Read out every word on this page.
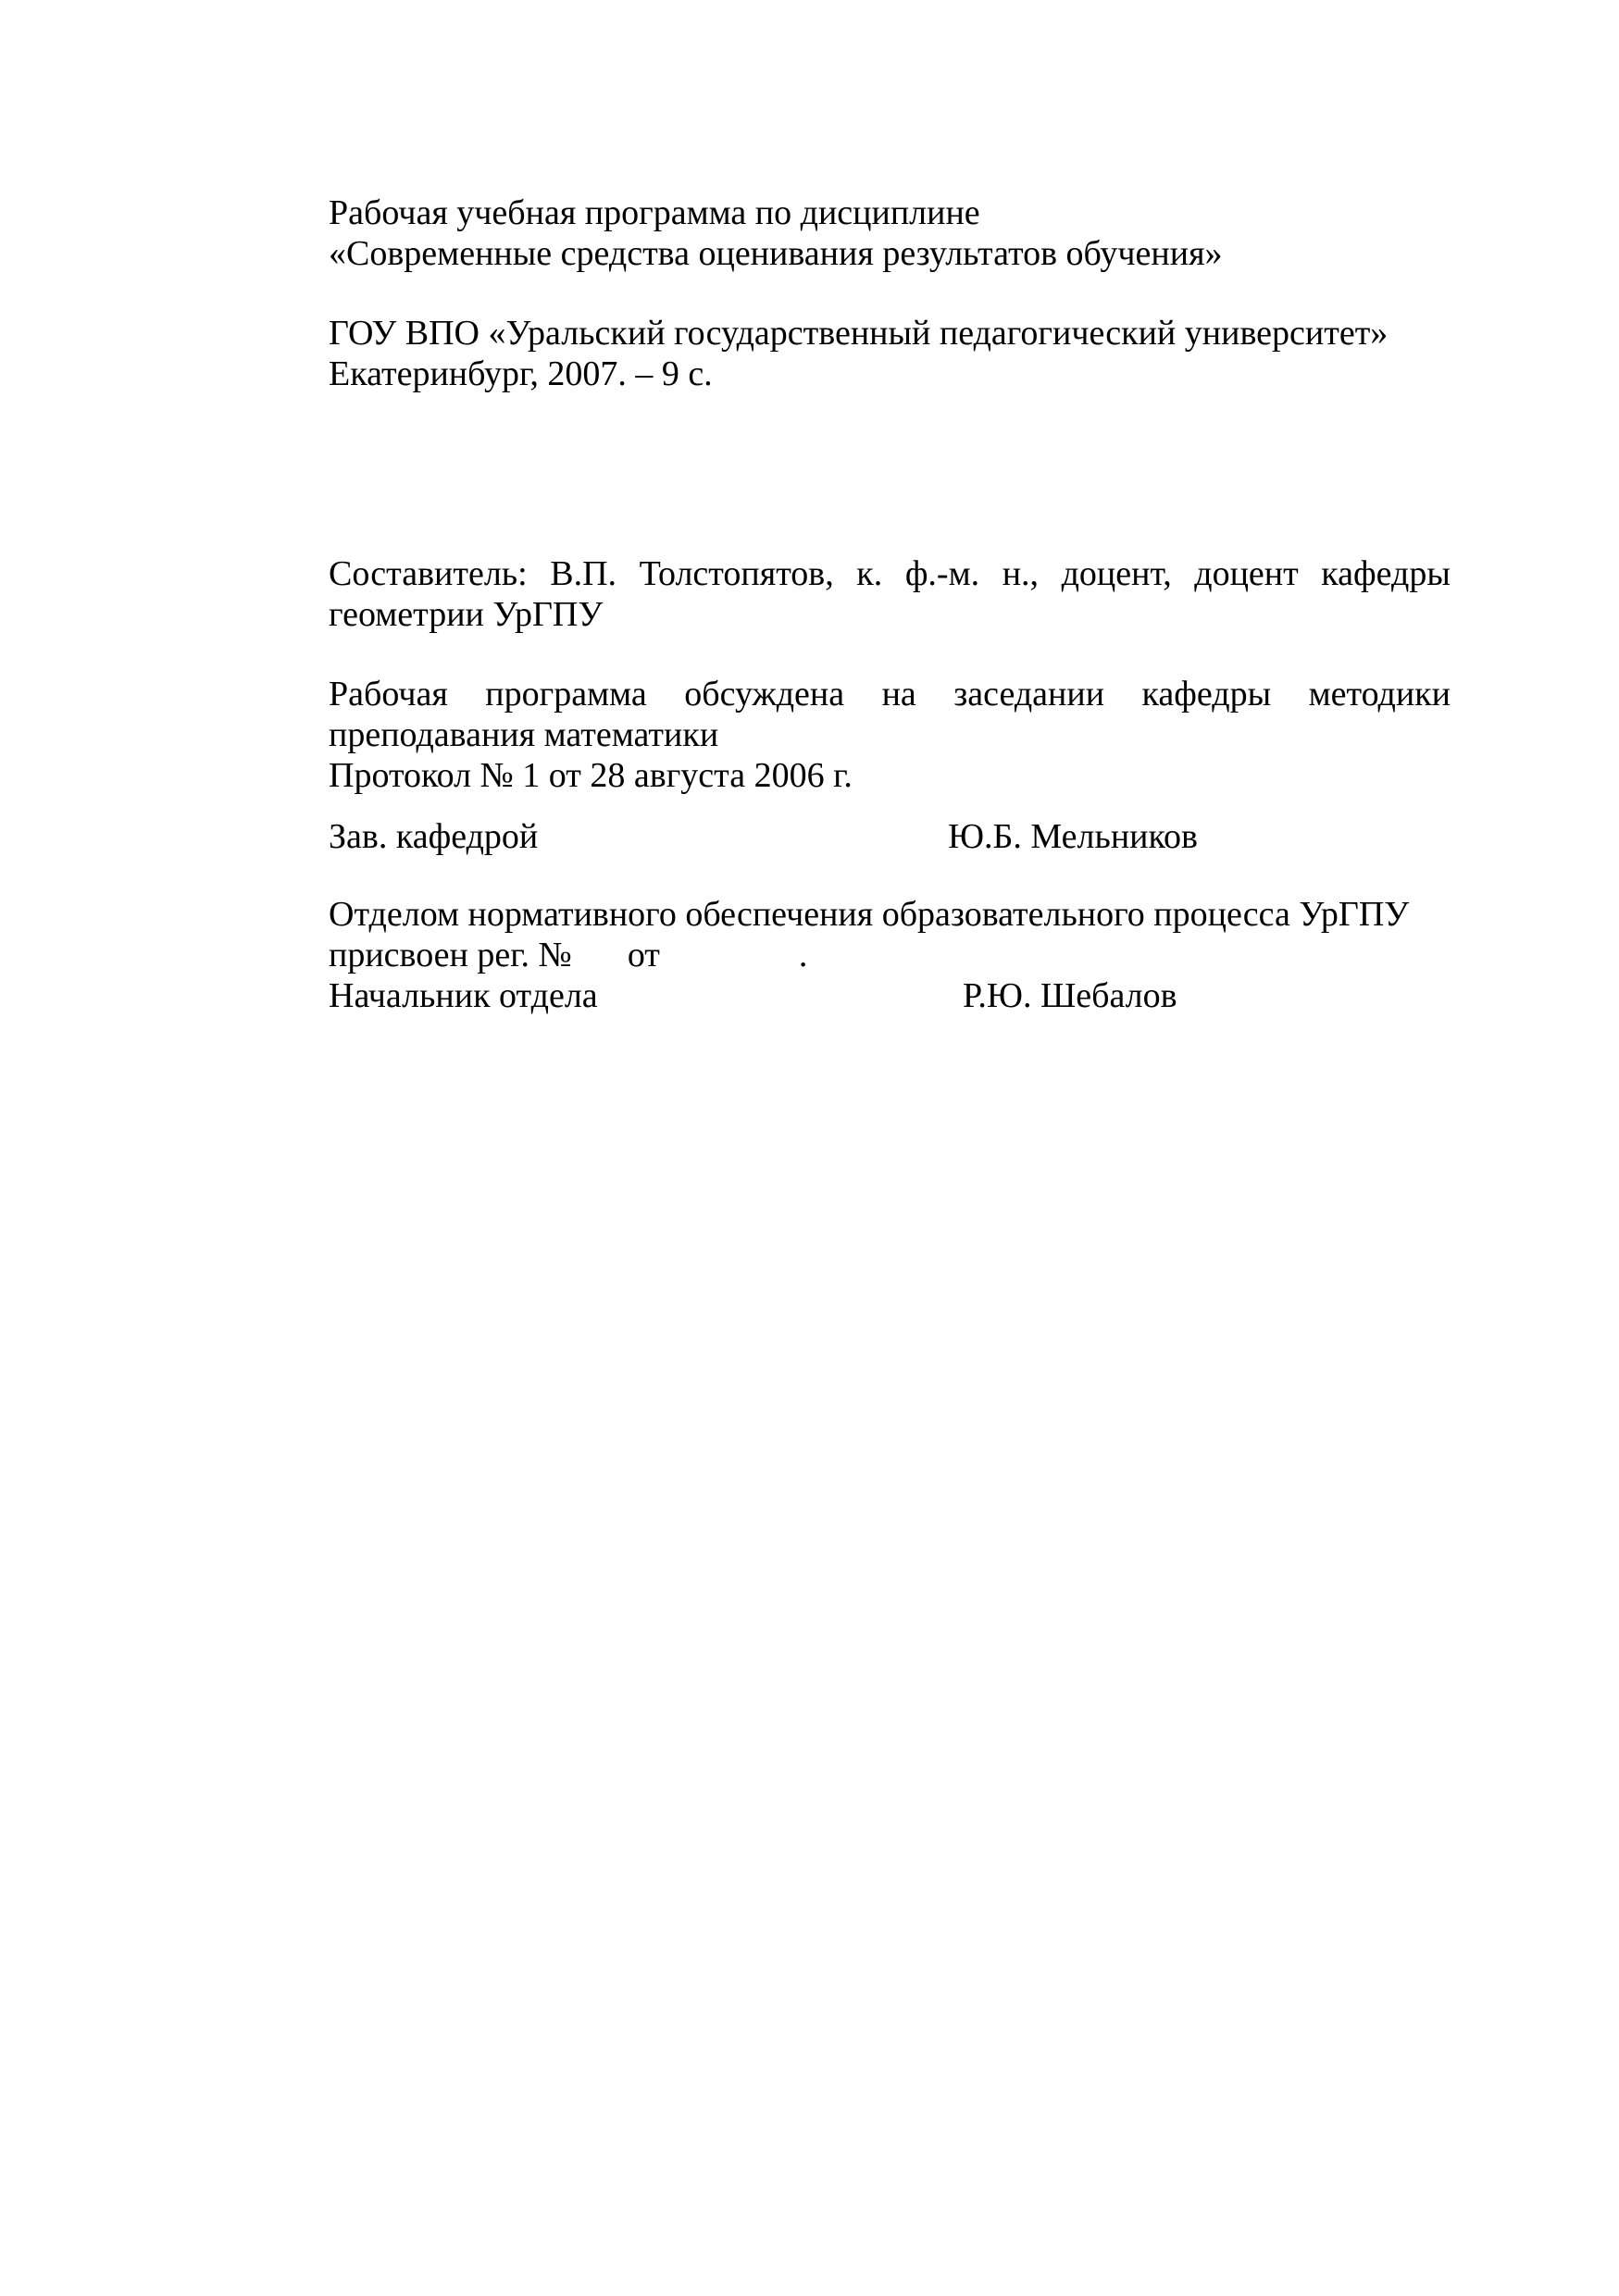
Рабочая учебная программа по дисциплине
«Современные средства оценивания результатов обучения»
ГОУ ВПО «Уральский государственный педагогический университет»
Екатеринбург, 2007. – 9 с.
Составитель: В.П. Толстопятов, к. ф.-м. н., доцент, доцент кафедры
геометрии УрГПУ
Рабочая программа обсуждена на заседании кафедры методики
преподавания математики
Протокол № 1 от 28 августа 2006 г.
Зав. кафедрой	Ю.Б. Мельников
Отделом нормативного обеспечения образовательного процесса УрГПУ
присвоен рег. № от	.
Начальник отдела	Р.Ю. Шебалов
